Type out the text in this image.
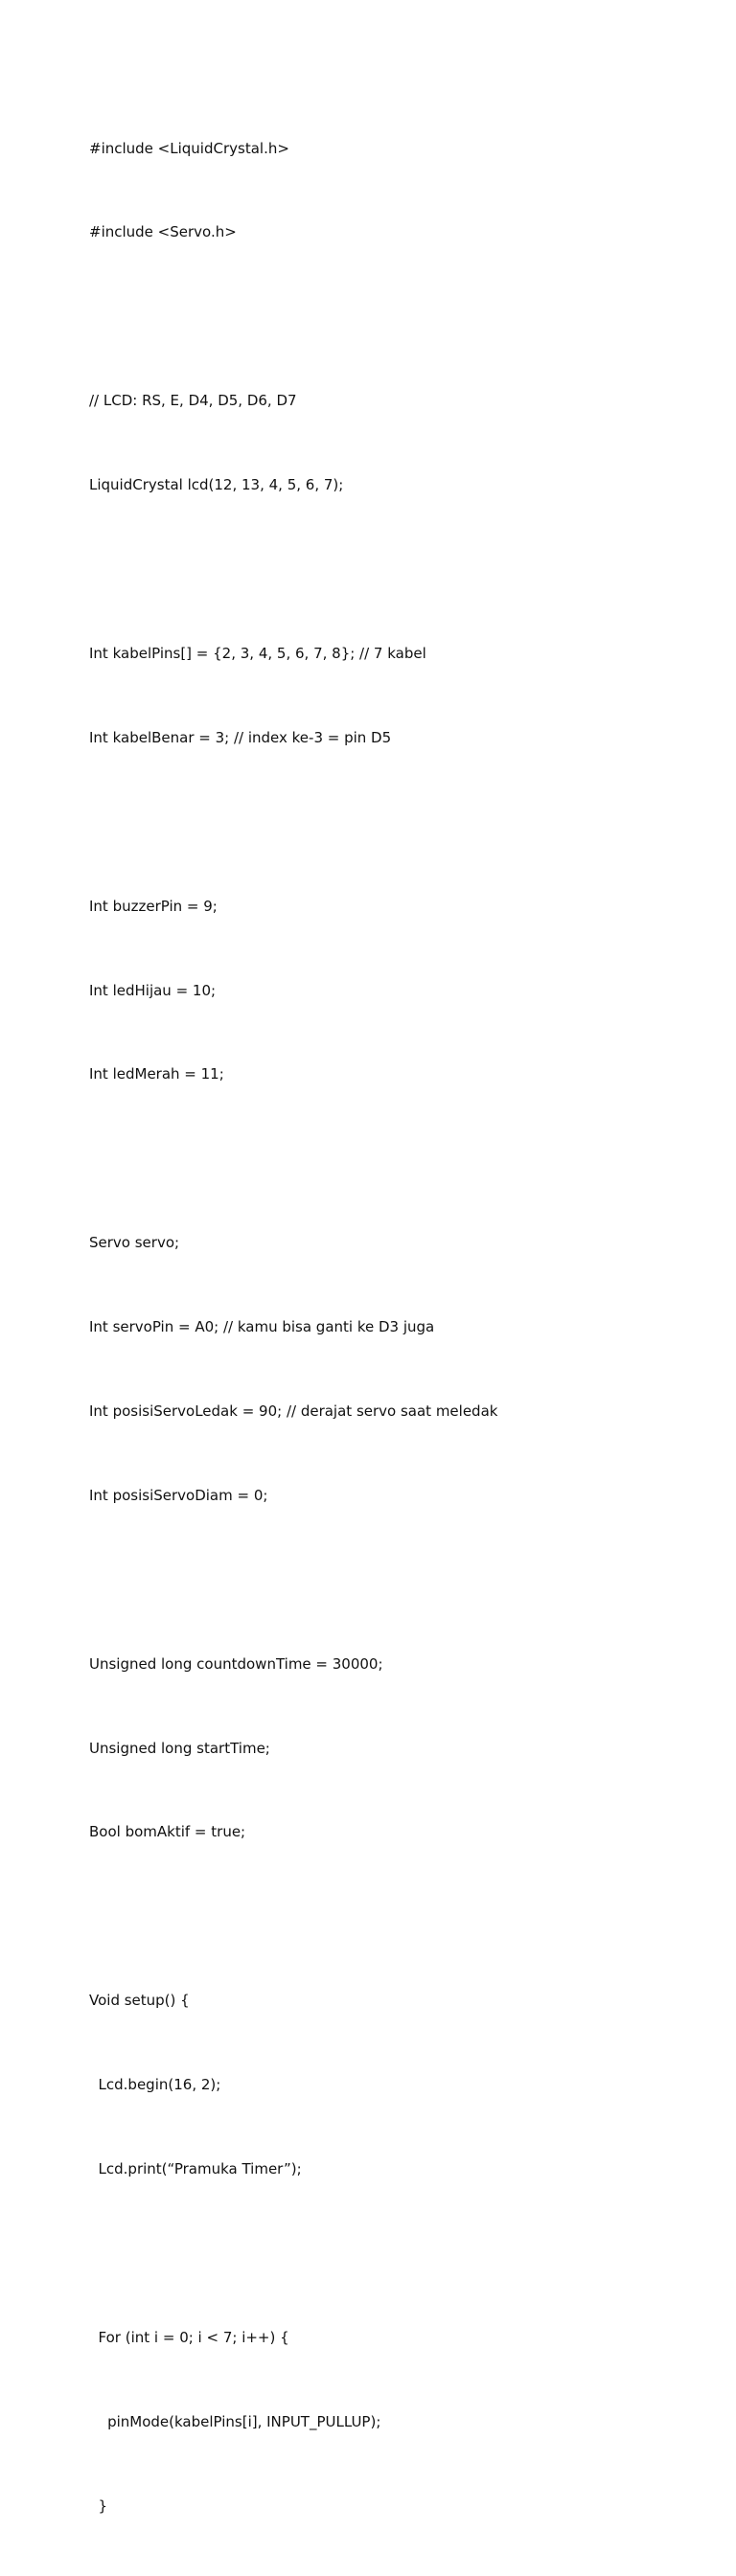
#include <LiquidCrystal.h>

#include <Servo.h>

// LCD: RS, E, D4, D5, D6, D7

LiquidCrystal lcd(12, 13, 4, 5, 6, 7);

Int kabelPins[] = {2, 3, 4, 5, 6, 7, 8}; // 7 kabel

Int kabelBenar = 3; // index ke-3 = pin D5

Int buzzerPin = 9;

Int ledHijau = 10;

Int ledMerah = 11;

Servo servo;

Int servoPin = A0; // kamu bisa ganti ke D3 juga

Int posisiServoLedak = 90; // derajat servo saat meledak

Int posisiServoDiam = 0;

Unsigned long countdownTime = 30000;

Unsigned long startTime;

Bool bomAktif = true;

Void setup() {

Lcd.begin(16, 2);

Lcd.print(“Pramuka Timer”);

For (int i = 0; i < 7; i++) {

pinMode(kabelPins[i], INPUT_PULLUP);

}
